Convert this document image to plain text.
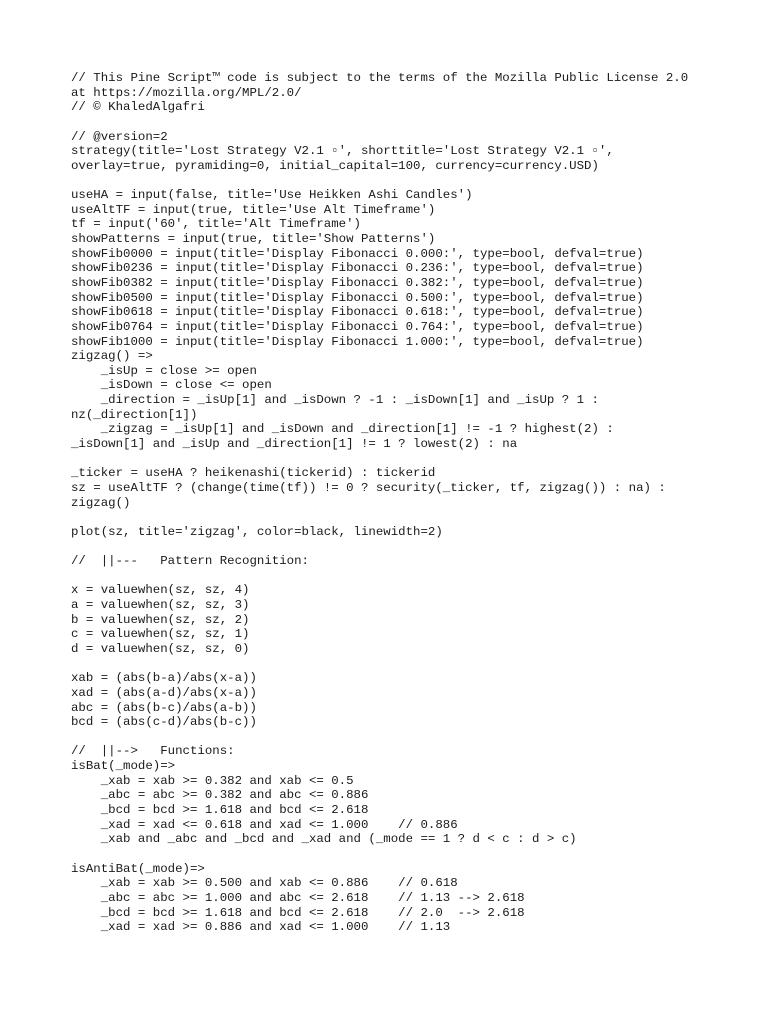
// This Pine Script™ code is subject to the terms of the Mozilla Public License 2.0
at https://mozilla.org/MPL/2.0/
// © KhaledAlgafri
// @version=2
strategy(title='Lost Strategy V2.1 ▫', shorttitle='Lost Strategy V2.1 ▫',
overlay=true, pyramiding=0, initial_capital=100, currency=currency.USD)
useHA = input(false, title='Use Heikken Ashi Candles')
useAltTF = input(true, title='Use Alt Timeframe')
tf = input('60', title='Alt Timeframe')
showPatterns = input(true, title='Show Patterns')
showFib0000 = input(title='Display Fibonacci 0.000:', type=bool, defval=true)
showFib0236 = input(title='Display Fibonacci 0.236:', type=bool, defval=true)
showFib0382 = input(title='Display Fibonacci 0.382:', type=bool, defval=true)
showFib0500 = input(title='Display Fibonacci 0.500:', type=bool, defval=true)
showFib0618 = input(title='Display Fibonacci 0.618:', type=bool, defval=true)
showFib0764 = input(title='Display Fibonacci 0.764:', type=bool, defval=true)
showFib1000 = input(title='Display Fibonacci 1.000:', type=bool, defval=true)
zigzag() =>
_isUp = close >= open
_isDown = close <= open
_direction = _isUp[1] and _isDown ? -1 : _isDown[1] and _isUp ? 1 :
nz(_direction[1])
_zigzag = _isUp[1] and _isDown and _direction[1] != -1 ? highest(2) :
_isDown[1] and _isUp and _direction[1] != 1 ? lowest(2) : na
_ticker = useHA ? heikenashi(tickerid) : tickerid
sz = useAltTF ? (change(time(tf)) != 0 ? security(_ticker, tf, zigzag()) : na) :
zigzag()
plot(sz, title='zigzag', color=black, linewidth=2)
//  ||---   Pattern Recognition:
x = valuewhen(sz, sz, 4)
a = valuewhen(sz, sz, 3)
b = valuewhen(sz, sz, 2)
c = valuewhen(sz, sz, 1)
d = valuewhen(sz, sz, 0)
xab = (abs(b-a)/abs(x-a))
xad = (abs(a-d)/abs(x-a))
abc = (abs(b-c)/abs(a-b))
bcd = (abs(c-d)/abs(b-c))
//  ||-->   Functions:
isBat(_mode)=>
_xab = xab >= 0.382 and xab <= 0.5
_abc = abc >= 0.382 and abc <= 0.886
_bcd = bcd >= 1.618 and bcd <= 2.618
_xad = xad <= 0.618 and xad <= 1.000    // 0.886
_xab and _abc and _bcd and _xad and (_mode == 1 ? d < c : d > c)
isAntiBat(_mode)=>
_xab = xab >= 0.500 and xab <= 0.886    // 0.618
_abc = abc >= 1.000 and abc <= 2.618    // 1.13 --> 2.618
_bcd = bcd >= 1.618 and bcd <= 2.618    // 2.0  --> 2.618
_xad = xad >= 0.886 and xad <= 1.000    // 1.13
